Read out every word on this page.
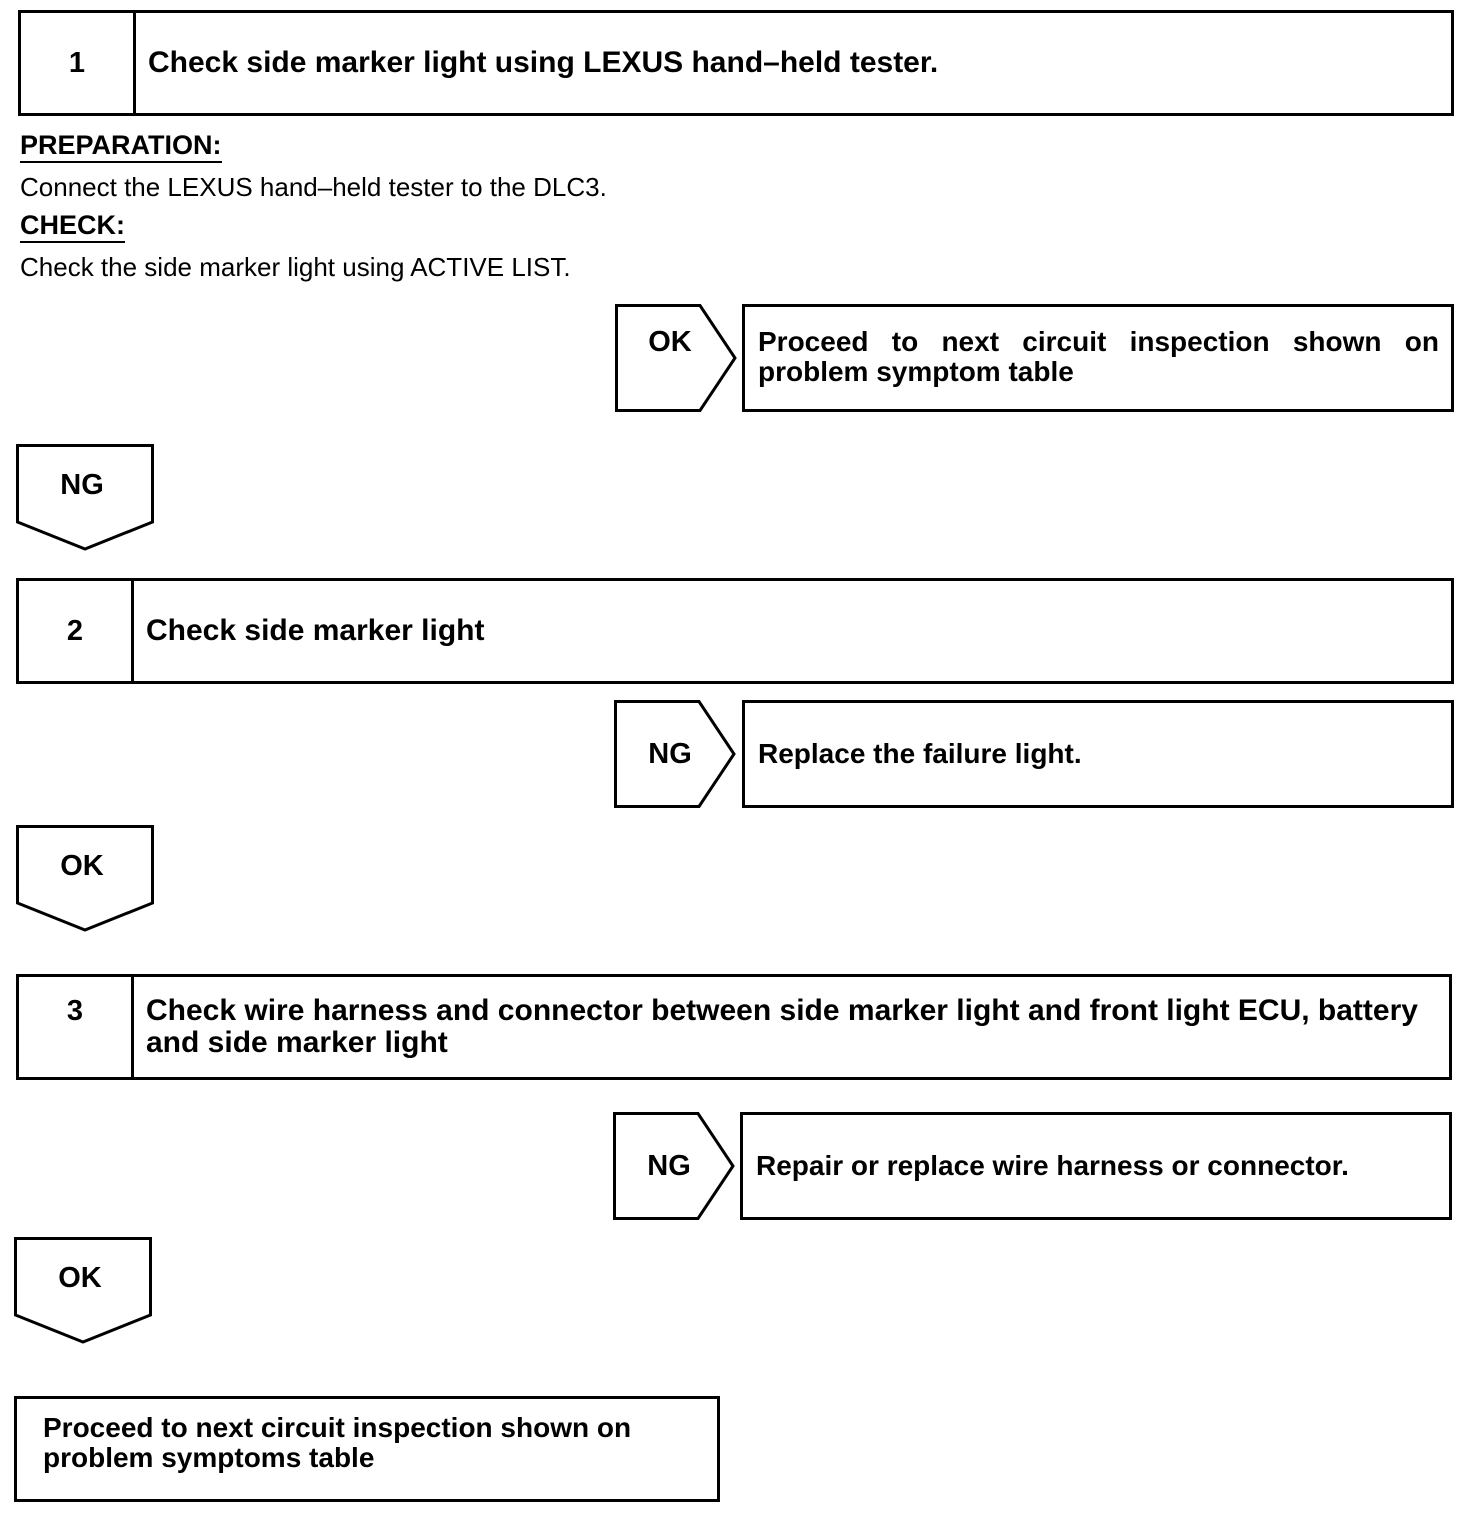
1	Check side marker light using LEXUS hand–held tester.
PREPARATION:
Connect the LEXUS hand–held tester to the DLC3.
CHECK:
Check the side marker light using ACTIVE LIST.
OK	Proceed to next circuit inspection shown on problem symptom table
NG
2	Check side marker light
NG	Replace the failure light.
OK
3	Check wire harness and connector between side marker light and front light ECU, battery and side marker light
NG	Repair or replace wire harness or connector.
OK
Proceed to next circuit inspection shown on problem symptoms table
